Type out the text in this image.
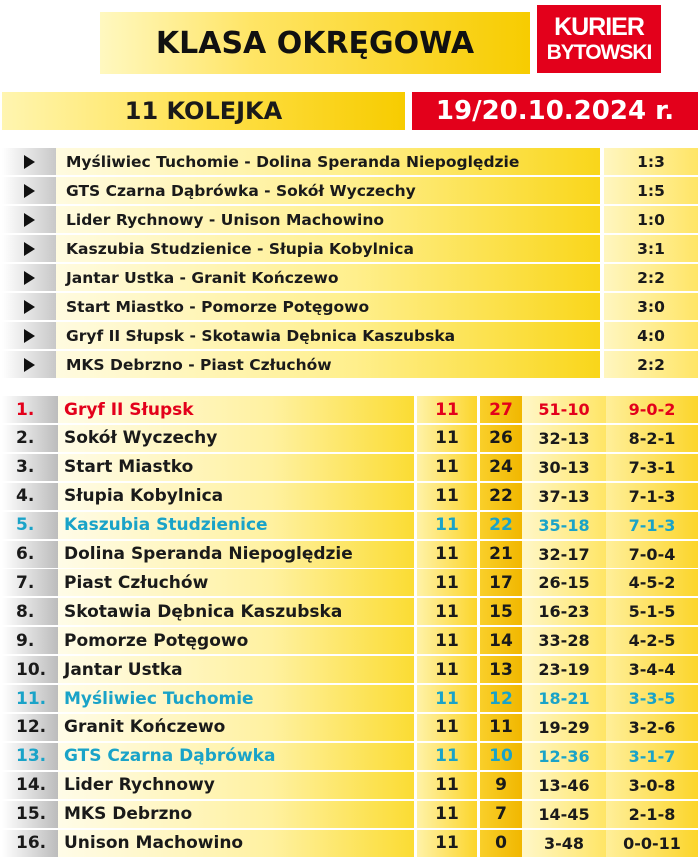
KLASA OKRĘGOWA	KURIER
BYTOWSKI
11 KOLEJKA	19/20.10.2024 r.
Myśliwiec Tuchomie - Dolina Speranda Niepoględzie	1:3
GTS Czarna Dąbrówka - Sokół Wyczechy	1:5
Lider Rychnowy - Unison Machowino	1:0
Kaszubia Studzienice - Słupia Kobylnica	3:1
Jantar Ustka - Granit Kończewo	2:2
Start Miastko - Pomorze Potęgowo	3:0
Gryf II Słupsk - Skotawia Dębnica Kaszubska	4:0
MKS Debrzno - Piast Człuchów	2:2
1.	Gryf II Słupsk	11	27	51-10	9-0-2
2.	Sokół Wyczechy	11	26	32-13	8-2-1
3.	Start Miastko	11	24	30-13	7-3-1
4.	Słupia Kobylnica	11	22	37-13	7-1-3
5.	Kaszubia Studzienice	11	22	35-18	7-1-3
6.	Dolina Speranda Niepoględzie	11	21	32-17	7-0-4
7.	Piast Człuchów	11	17	26-15	4-5-2
8.	Skotawia Dębnica Kaszubska	11	15	16-23	5-1-5
9.	Pomorze Potęgowo	11	14	33-28	4-2-5
10.	Jantar Ustka	11	13	23-19	3-4-4
11.	Myśliwiec Tuchomie	11	12	18-21	3-3-5
12.	Granit Kończewo	11	11	19-29	3-2-6
13.	GTS Czarna Dąbrówka	11	10	12-36	3-1-7
14.	Lider Rychnowy	11	9	13-46	3-0-8
15.	MKS Debrzno	11	7	14-45	2-1-8
16.	Unison Machowino	11	0	3-48	0-0-11
